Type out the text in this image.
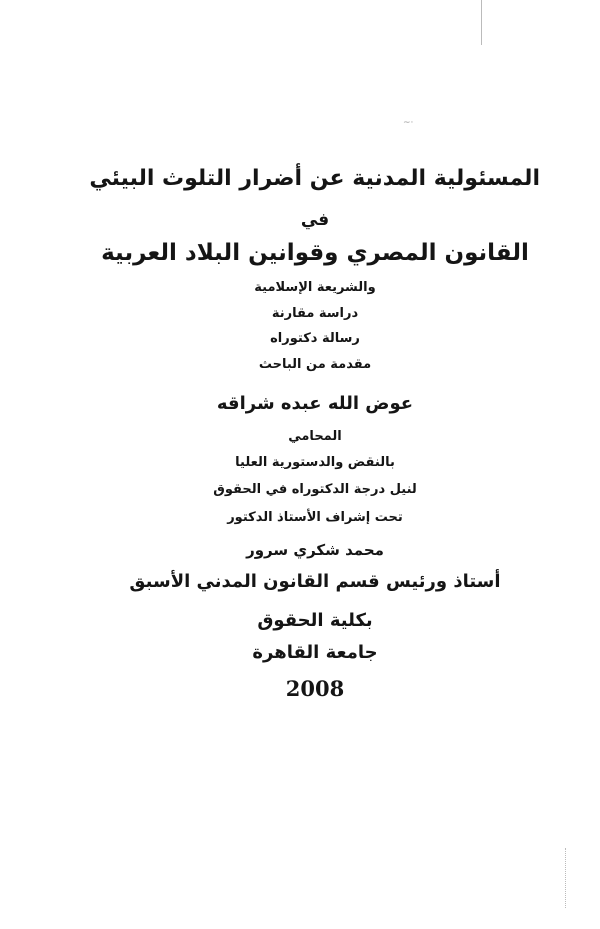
~·
المسئولية المدنية عن أضرار التلوث البيئي
في
القانون المصري وقوانين البلاد العربية
والشريعة الإسلامية
دراسة مقارنة
رسالة دكتوراه
مقدمة من الباحث
عوض الله عبده شراقه
المحامي
بالنقض والدستورية العليا
لنيل درجة الدكتوراه في الحقوق
تحت إشراف الأستاذ الدكتور
محمد شكري سرور
أستاذ ورئيس قسم القانون المدني الأسبق
بكلية الحقوق
جامعة القاهرة
2008
